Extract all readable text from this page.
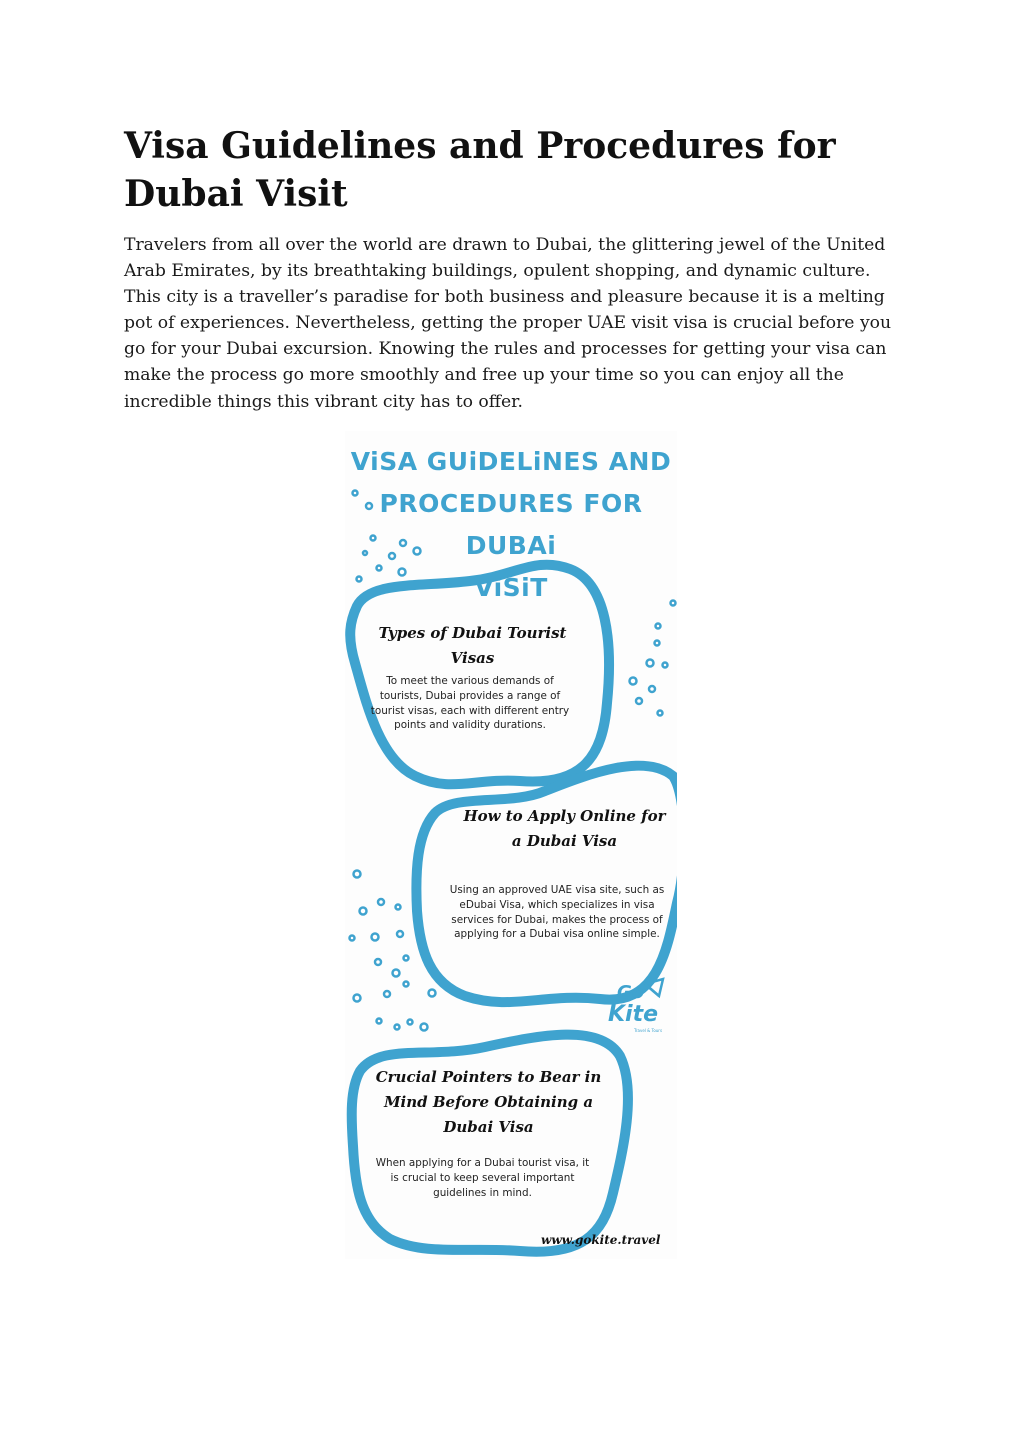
Visa Guidelines and Procedures for Dubai Visit

Travelers from all over the world are drawn to Dubai, the glittering jewel of the United Arab Emirates, by its breathtaking buildings, opulent shopping, and dynamic culture. This city is a traveller’s paradise for both business and pleasure because it is a melting pot of experiences. Nevertheless, getting the proper UAE visit visa is crucial before you go for your Dubai excursion. Knowing the rules and processes for getting your visa can make the process go more smoothly and free up your time so you can enjoy all the incredible things this vibrant city has to offer.

ViSA GUiDELiNES AND
PROCEDURES FOR DUBAi
ViSiT

Types of Dubai Tourist Visas

To meet the various demands of tourists, Dubai provides a range of tourist visas, each with different entry points and validity durations.

How to Apply Online for a Dubai Visa

Using an approved UAE visa site, such as eDubai Visa, which specializes in visa services for Dubai, makes the process of applying for a Dubai visa online simple.

Crucial Pointers to Bear in Mind Before Obtaining a Dubai Visa

When applying for a Dubai tourist visa, it is crucial to keep several important guidelines in mind.

Go
Kite
Travel & Tours
www.gokite.travel
